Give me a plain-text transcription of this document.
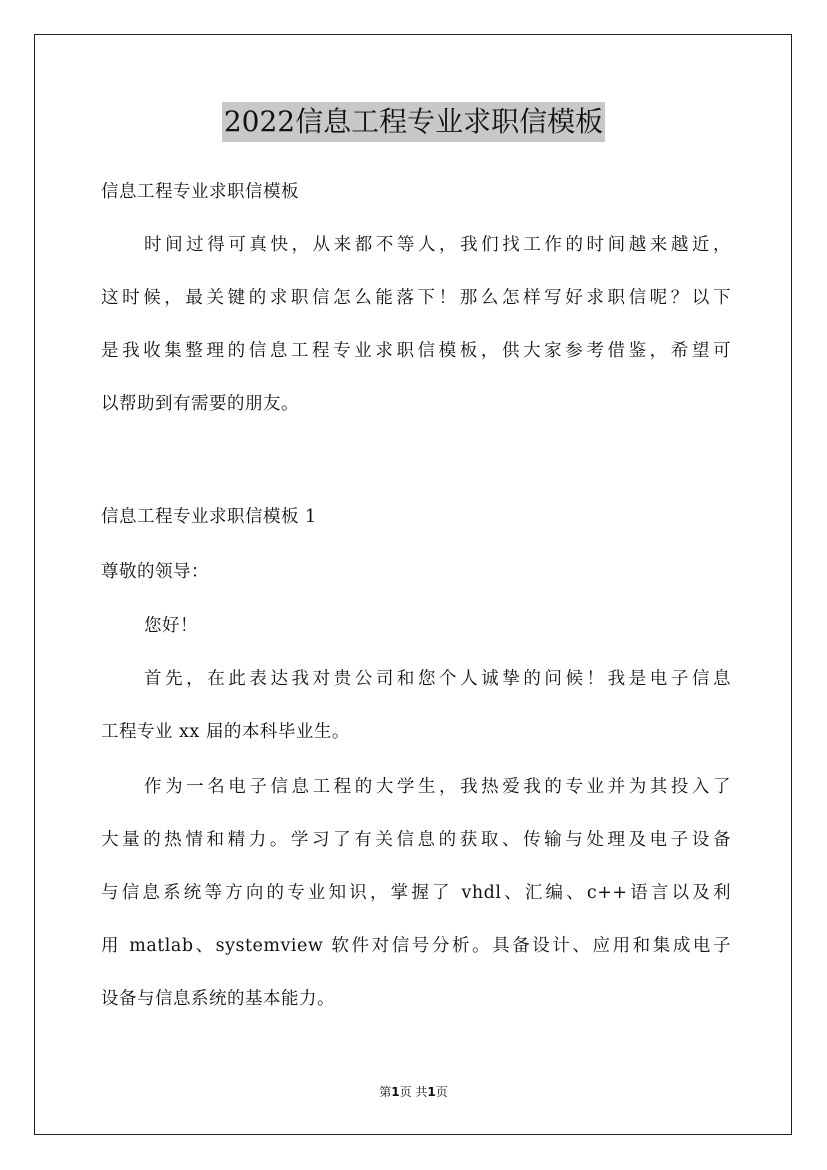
2022信息工程专业求职信模板

信息工程专业求职信模板

时间过得可真快，从来都不等人，我们找工作的时间越来越近，
这时候，最关键的求职信怎么能落下！那么怎样写好求职信呢？以下
是我收集整理的信息工程专业求职信模板，供大家参考借鉴，希望可
以帮助到有需要的朋友。

信息工程专业求职信模板 1

尊敬的领导：

您好！

首先，在此表达我对贵公司和您个人诚挚的问候！我是电子信息
工程专业 xx 届的本科毕业生。

作为一名电子信息工程的大学生，我热爱我的专业并为其投入了
大量的热情和精力。学习了有关信息的获取、传输与处理及电子设备
与信息系统等方向的专业知识，掌握了 vhdl、汇编、c++语言以及利
用 matlab、systemview 软件对信号分析。具备设计、应用和集成电子
设备与信息系统的基本能力。

第1页 共1页
